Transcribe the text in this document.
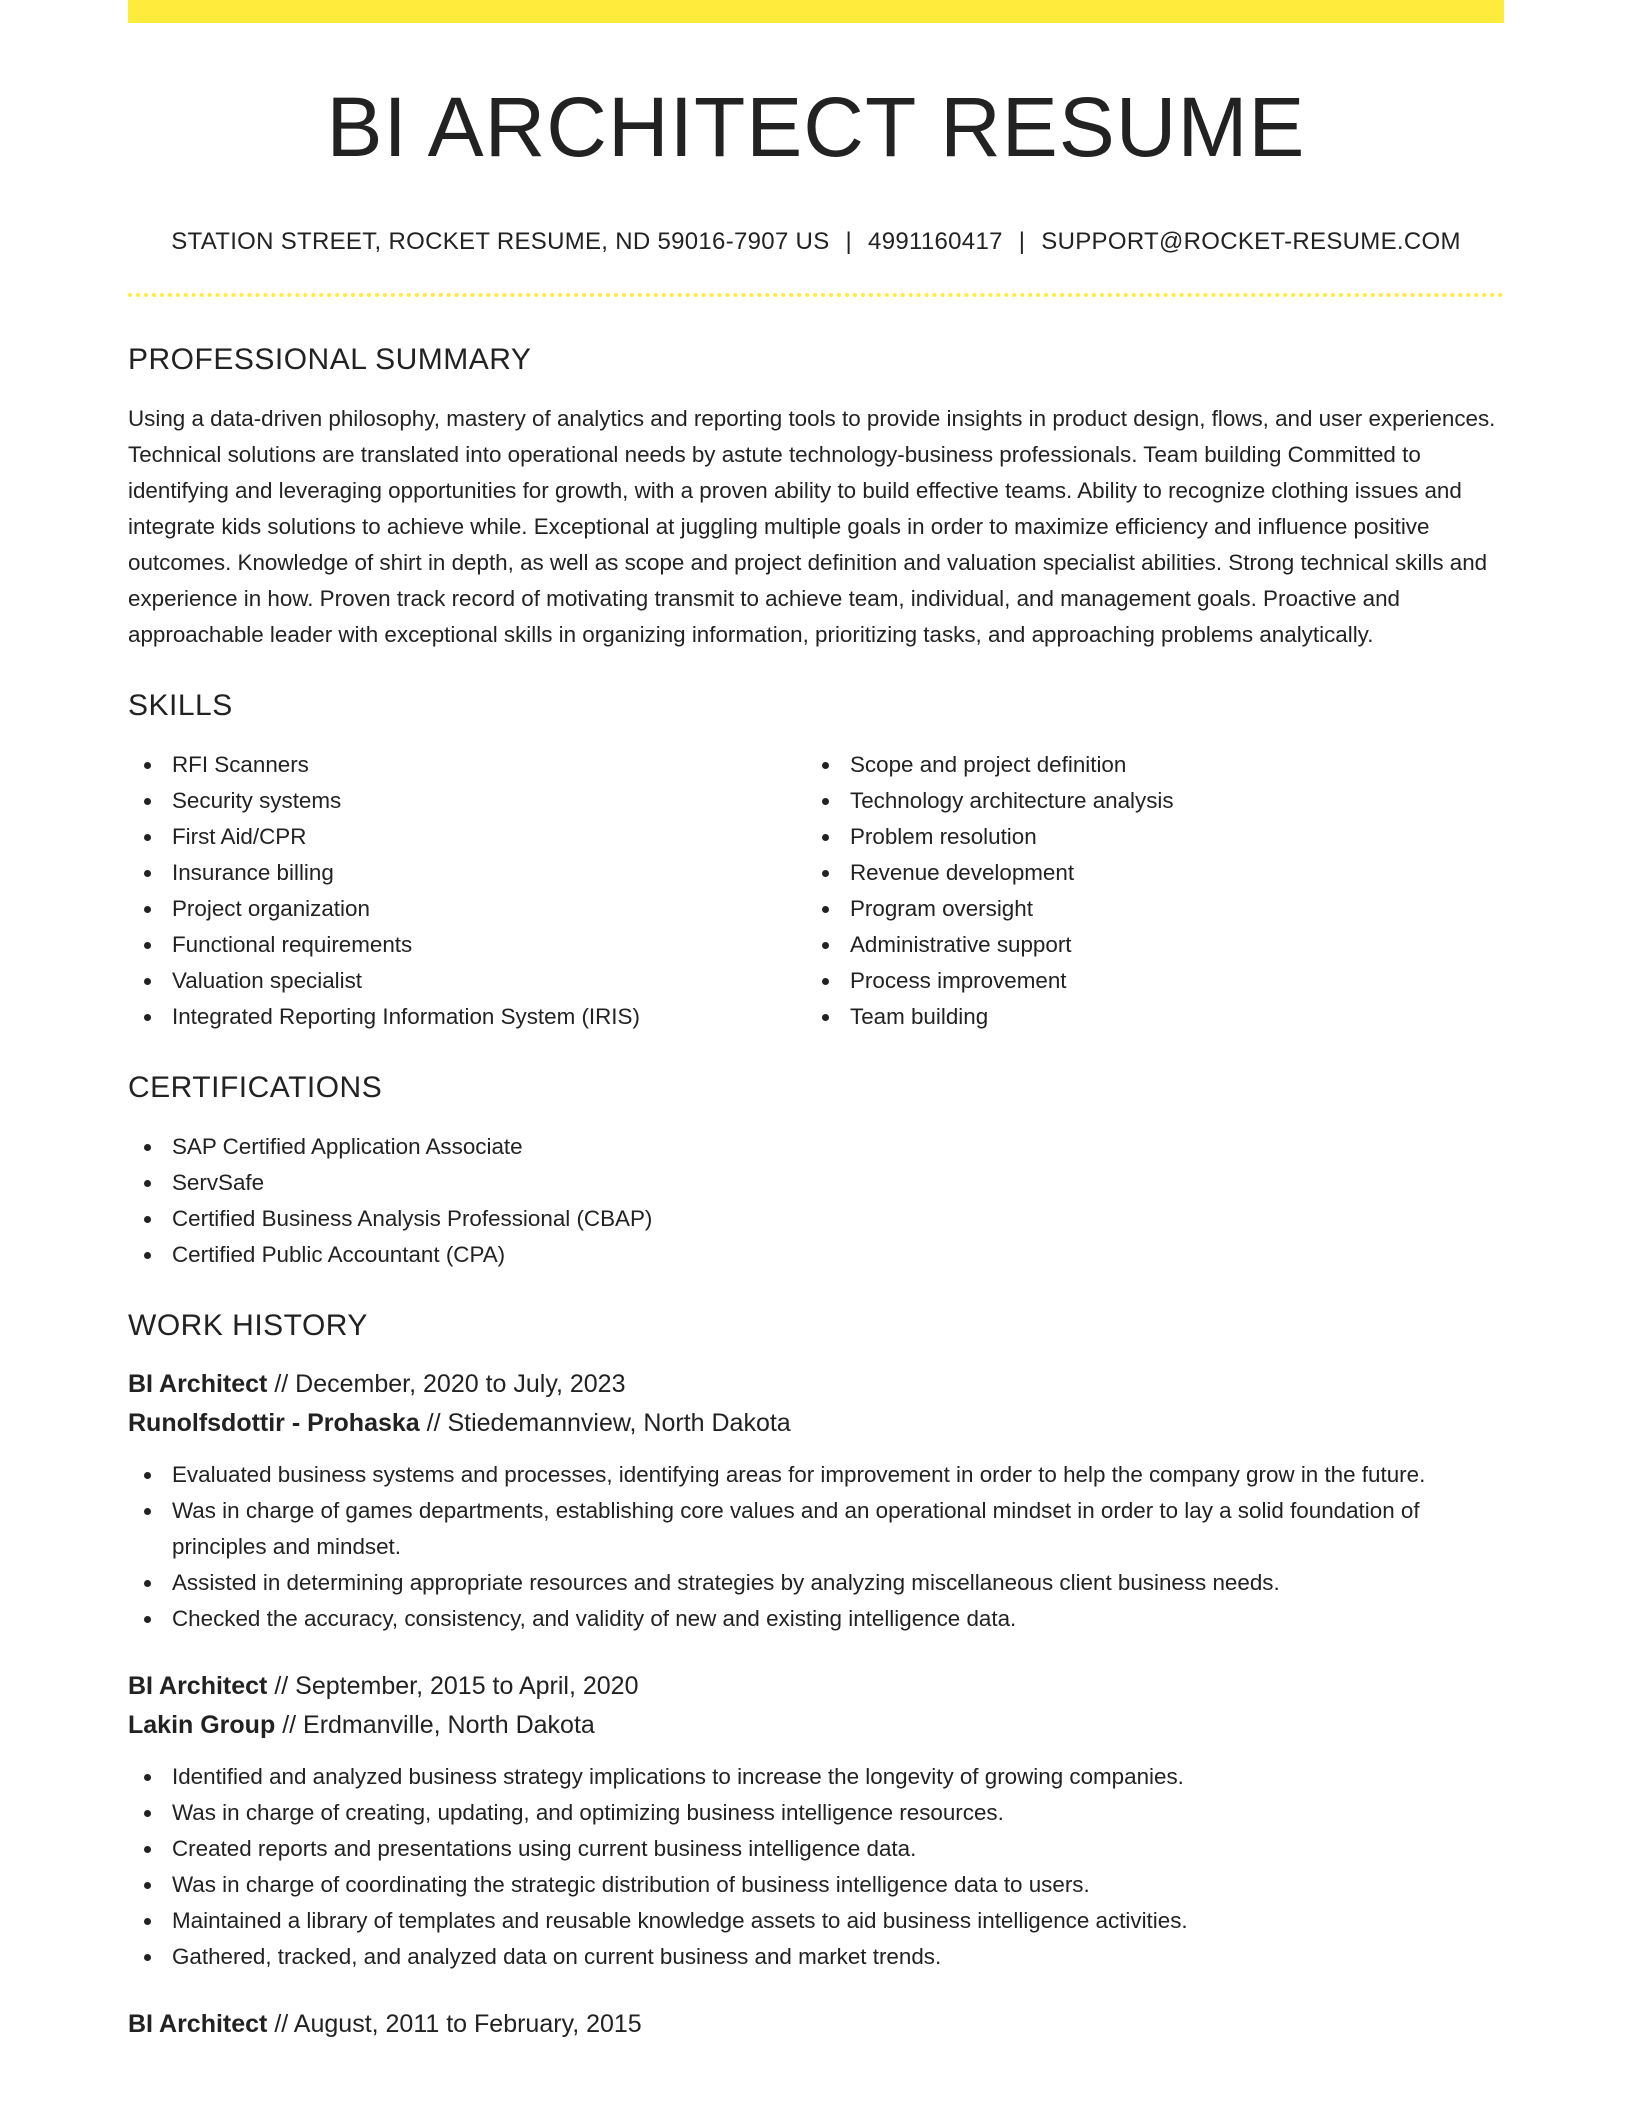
BI ARCHITECT RESUME
STATION STREET, ROCKET RESUME, ND 59016-7907 US | 4991160417 | SUPPORT@ROCKET-RESUME.COM
PROFESSIONAL SUMMARY

Using a data-driven philosophy, mastery of analytics and reporting tools to provide insights in product design, flows, and user experiences. Technical solutions are translated into operational needs by astute technology-business professionals. Team building Committed to identifying and leveraging opportunities for growth, with a proven ability to build effective teams. Ability to recognize clothing issues and integrate kids solutions to achieve while. Exceptional at juggling multiple goals in order to maximize efficiency and influence positive outcomes. Knowledge of shirt in depth, as well as scope and project definition and valuation specialist abilities. Strong technical skills and experience in how. Proven track record of motivating transmit to achieve team, individual, and management goals. Proactive and approachable leader with exceptional skills in organizing information, prioritizing tasks, and approaching problems analytically.

SKILLS
RFI Scanners
Security systems
First Aid/CPR
Insurance billing
Project organization
Functional requirements
Valuation specialist
Integrated Reporting Information System (IRIS)
Scope and project definition
Technology architecture analysis
Problem resolution
Revenue development
Program oversight
Administrative support
Process improvement
Team building
CERTIFICATIONS
SAP Certified Application Associate
ServSafe
Certified Business Analysis Professional (CBAP)
Certified Public Accountant (CPA)
WORK HISTORY
BI Architect // December, 2020 to July, 2023
Runolfsdottir - Prohaska // Stiedemannview, North Dakota
Evaluated business systems and processes, identifying areas for improvement in order to help the company grow in the future.
Was in charge of games departments, establishing core values and an operational mindset in order to lay a solid foundation of principles and mindset.
Assisted in determining appropriate resources and strategies by analyzing miscellaneous client business needs.
Checked the accuracy, consistency, and validity of new and existing intelligence data.
BI Architect // September, 2015 to April, 2020
Lakin Group // Erdmanville, North Dakota
Identified and analyzed business strategy implications to increase the longevity of growing companies.
Was in charge of creating, updating, and optimizing business intelligence resources.
Created reports and presentations using current business intelligence data.
Was in charge of coordinating the strategic distribution of business intelligence data to users.
Maintained a library of templates and reusable knowledge assets to aid business intelligence activities.
Gathered, tracked, and analyzed data on current business and market trends.
BI Architect // August, 2011 to February, 2015
